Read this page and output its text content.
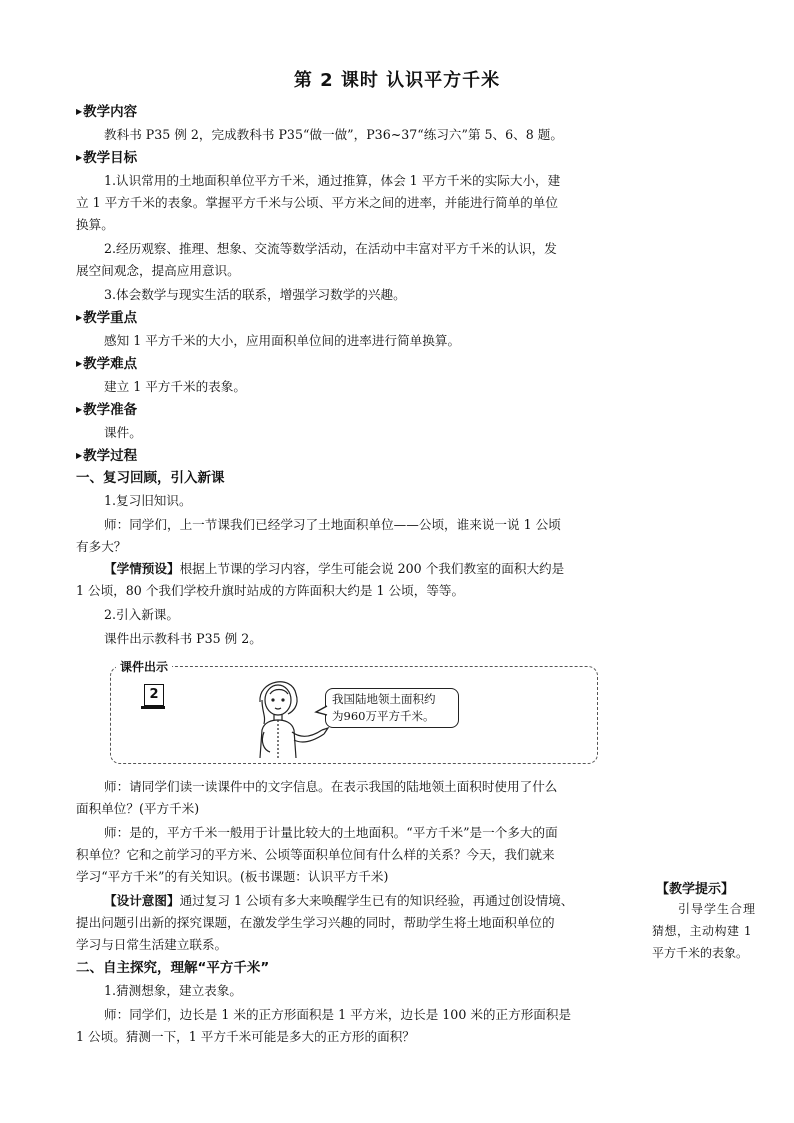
第 2 课时 认识平方千米
▶教学内容
教科书 P35 例 2，完成教科书 P35“做一做”，P36~37“练习六”第 5、6、8 题。
▶教学目标
1.认识常用的土地面积单位平方千米，通过推算，体会 1 平方千米的实际大小，建
立 1 平方千米的表象。掌握平方千米与公顷、平方米之间的进率，并能进行简单的单位
换算。
2.经历观察、推理、想象、交流等数学活动，在活动中丰富对平方千米的认识，发
展空间观念，提高应用意识。
3.体会数学与现实生活的联系，增强学习数学的兴趣。
▶教学重点
感知 1 平方千米的大小，应用面积单位间的进率进行简单换算。
▶教学难点
建立 1 平方千米的表象。
▶教学准备
课件。
▶教学过程
一、复习回顾，引入新课
1.复习旧知识。
师：同学们，上一节课我们已经学习了土地面积单位——公顷，谁来说一说 1 公顷
有多大？
【学情预设】根据上节课的学习内容，学生可能会说 200 个我们教室的面积大约是
1 公顷，80 个我们学校升旗时站成的方阵面积大约是 1 公顷，等等。
2.引入新课。
课件出示教科书 P35 例 2。
课件出示
2	我国陆地领土面积约
为960万平方千米。
师：请同学们读一读课件中的文字信息。在表示我国的陆地领土面积时使用了什么
面积单位？(平方千米)
师：是的，平方千米一般用于计量比较大的土地面积。“平方千米”是一个多大的面
积单位？它和之前学习的平方米、公顷等面积单位间有什么样的关系？今天，我们就来
学习“平方千米”的有关知识。(板书课题：认识平方千米)
【设计意图】通过复习 1 公顷有多大来唤醒学生已有的知识经验，再通过创设情境、
提出问题引出新的探究课题，在激发学生学习兴趣的同时，帮助学生将土地面积单位的
学习与日常生活建立联系。
二、自主探究，理解“平方千米”
1.猜测想象，建立表象。
师：同学们，边长是 1 米的正方形面积是 1 平方米，边长是 100 米的正方形面积是
1 公顷。猜测一下，1 平方千米可能是多大的正方形的面积？
【教学提示】
引导学生合理
猜想，主动构建 1
平方千米的表象。
